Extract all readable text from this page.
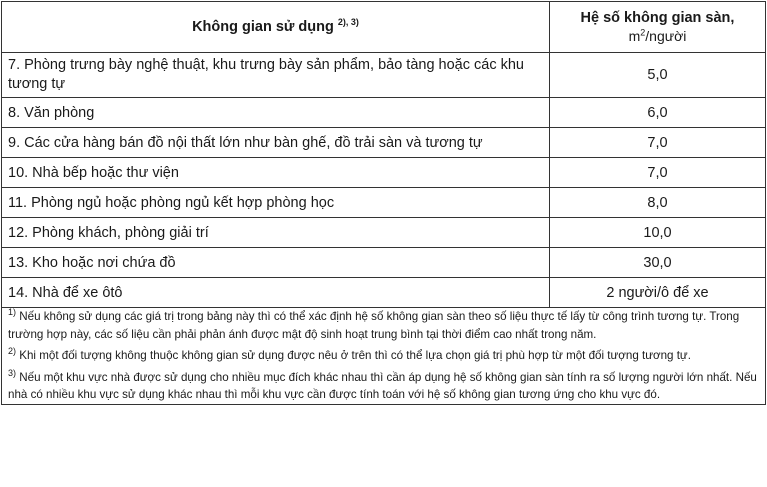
Không gian sử dụng $^{2), 3)}$	Hệ số không gian sàn,
$m^2$/người

7. Phòng trưng bày nghệ thuật, khu trưng bày sản phẩm, bảo tàng hoặc các khu tương tự	5,0
8. Văn phòng	6,0
9. Các cửa hàng bán đồ nội thất lớn như bàn ghế, đồ trải sàn và tương tự	7,0
10. Nhà bếp hoặc thư viện	7,0
11. Phòng ngủ hoặc phòng ngủ kết hợp phòng học	8,0
12. Phòng khách, phòng giải trí	10,0
13. Kho hoặc nơi chứa đồ	30,0
14. Nhà để xe ôtô	2 người/ô để xe

$^{1)}$ Nếu không sử dụng các giá trị trong bảng này thì có thể xác định hệ số không gian sàn theo số liệu thực tế lấy từ công trình tương tự. Trong trường hợp này, các số liệu cần phải phản ánh được mật độ sinh hoạt trung bình tại thời điểm cao nhất trong năm.
$^{2)}$ Khi một đối tượng không thuộc không gian sử dụng được nêu ở trên thì có thể lựa chọn giá trị phù hợp từ một đối tượng tương tự.
$^{3)}$ Nếu một khu vực nhà được sử dụng cho nhiều mục đích khác nhau thì cần áp dụng hệ số không gian sàn tính ra số lượng người lớn nhất. Nếu nhà có nhiều khu vực sử dụng khác nhau thì mỗi khu vực cần được tính toán với hệ số không gian tương ứng cho khu vực đó.	
